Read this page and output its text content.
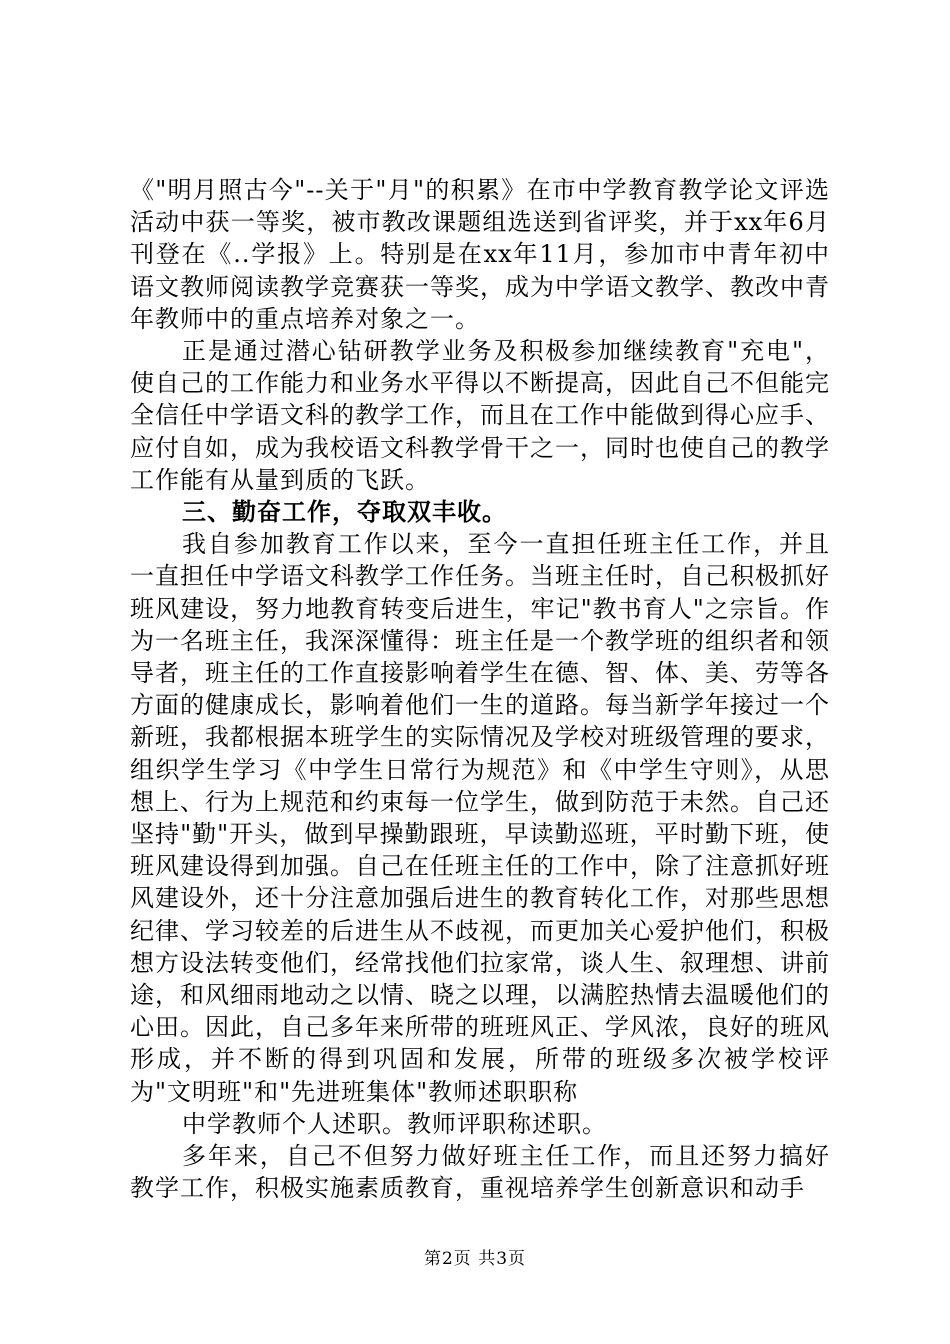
《"明月照古今"--关于"月"的积累》在市中学教育教学论文评选活动中获一等奖，被市教改课题组选送到省评奖，并于xx年6月刊登在《..学报》上。特别是在xx年11月，参加市中青年初中语文教师阅读教学竞赛获一等奖，成为中学语文教学、教改中青年教师中的重点培养对象之一。

正是通过潜心钻研教学业务及积极参加继续教育"充电"，使自己的工作能力和业务水平得以不断提高，因此自己不但能完全信任中学语文科的教学工作，而且在工作中能做到得心应手、应付自如，成为我校语文科教学骨干之一，同时也使自己的教学工作能有从量到质的飞跃。

三、勤奋工作，夺取双丰收。

我自参加教育工作以来，至今一直担任班主任工作，并且一直担任中学语文科教学工作任务。当班主任时，自己积极抓好班风建设，努力地教育转变后进生，牢记"教书育人"之宗旨。作为一名班主任，我深深懂得：班主任是一个教学班的组织者和领导者，班主任的工作直接影响着学生在德、智、体、美、劳等各方面的健康成长，影响着他们一生的道路。每当新学年接过一个新班，我都根据本班学生的实际情况及学校对班级管理的要求，组织学生学习《中学生日常行为规范》和《中学生守则》，从思想上、行为上规范和约束每一位学生，做到防范于未然。自己还坚持"勤"开头，做到早操勤跟班，早读勤巡班，平时勤下班，使班风建设得到加强。自己在任班主任的工作中，除了注意抓好班风建设外，还十分注意加强后进生的教育转化工作，对那些思想纪律、学习较差的后进生从不歧视，而更加关心爱护他们，积极想方设法转变他们，经常找他们拉家常，谈人生、叙理想、讲前途，和风细雨地动之以情、晓之以理，以满腔热情去温暖他们的心田。因此，自己多年来所带的班班风正、学风浓，良好的班风形成，并不断的得到巩固和发展，所带的班级多次被学校评为"文明班"和"先进班集体"教师述职职称

中学教师个人述职。教师评职称述职。

多年来，自己不但努力做好班主任工作，而且还努力搞好教学工作，积极实施素质教育，重视培养学生创新意识和动手

第2页 共3页
